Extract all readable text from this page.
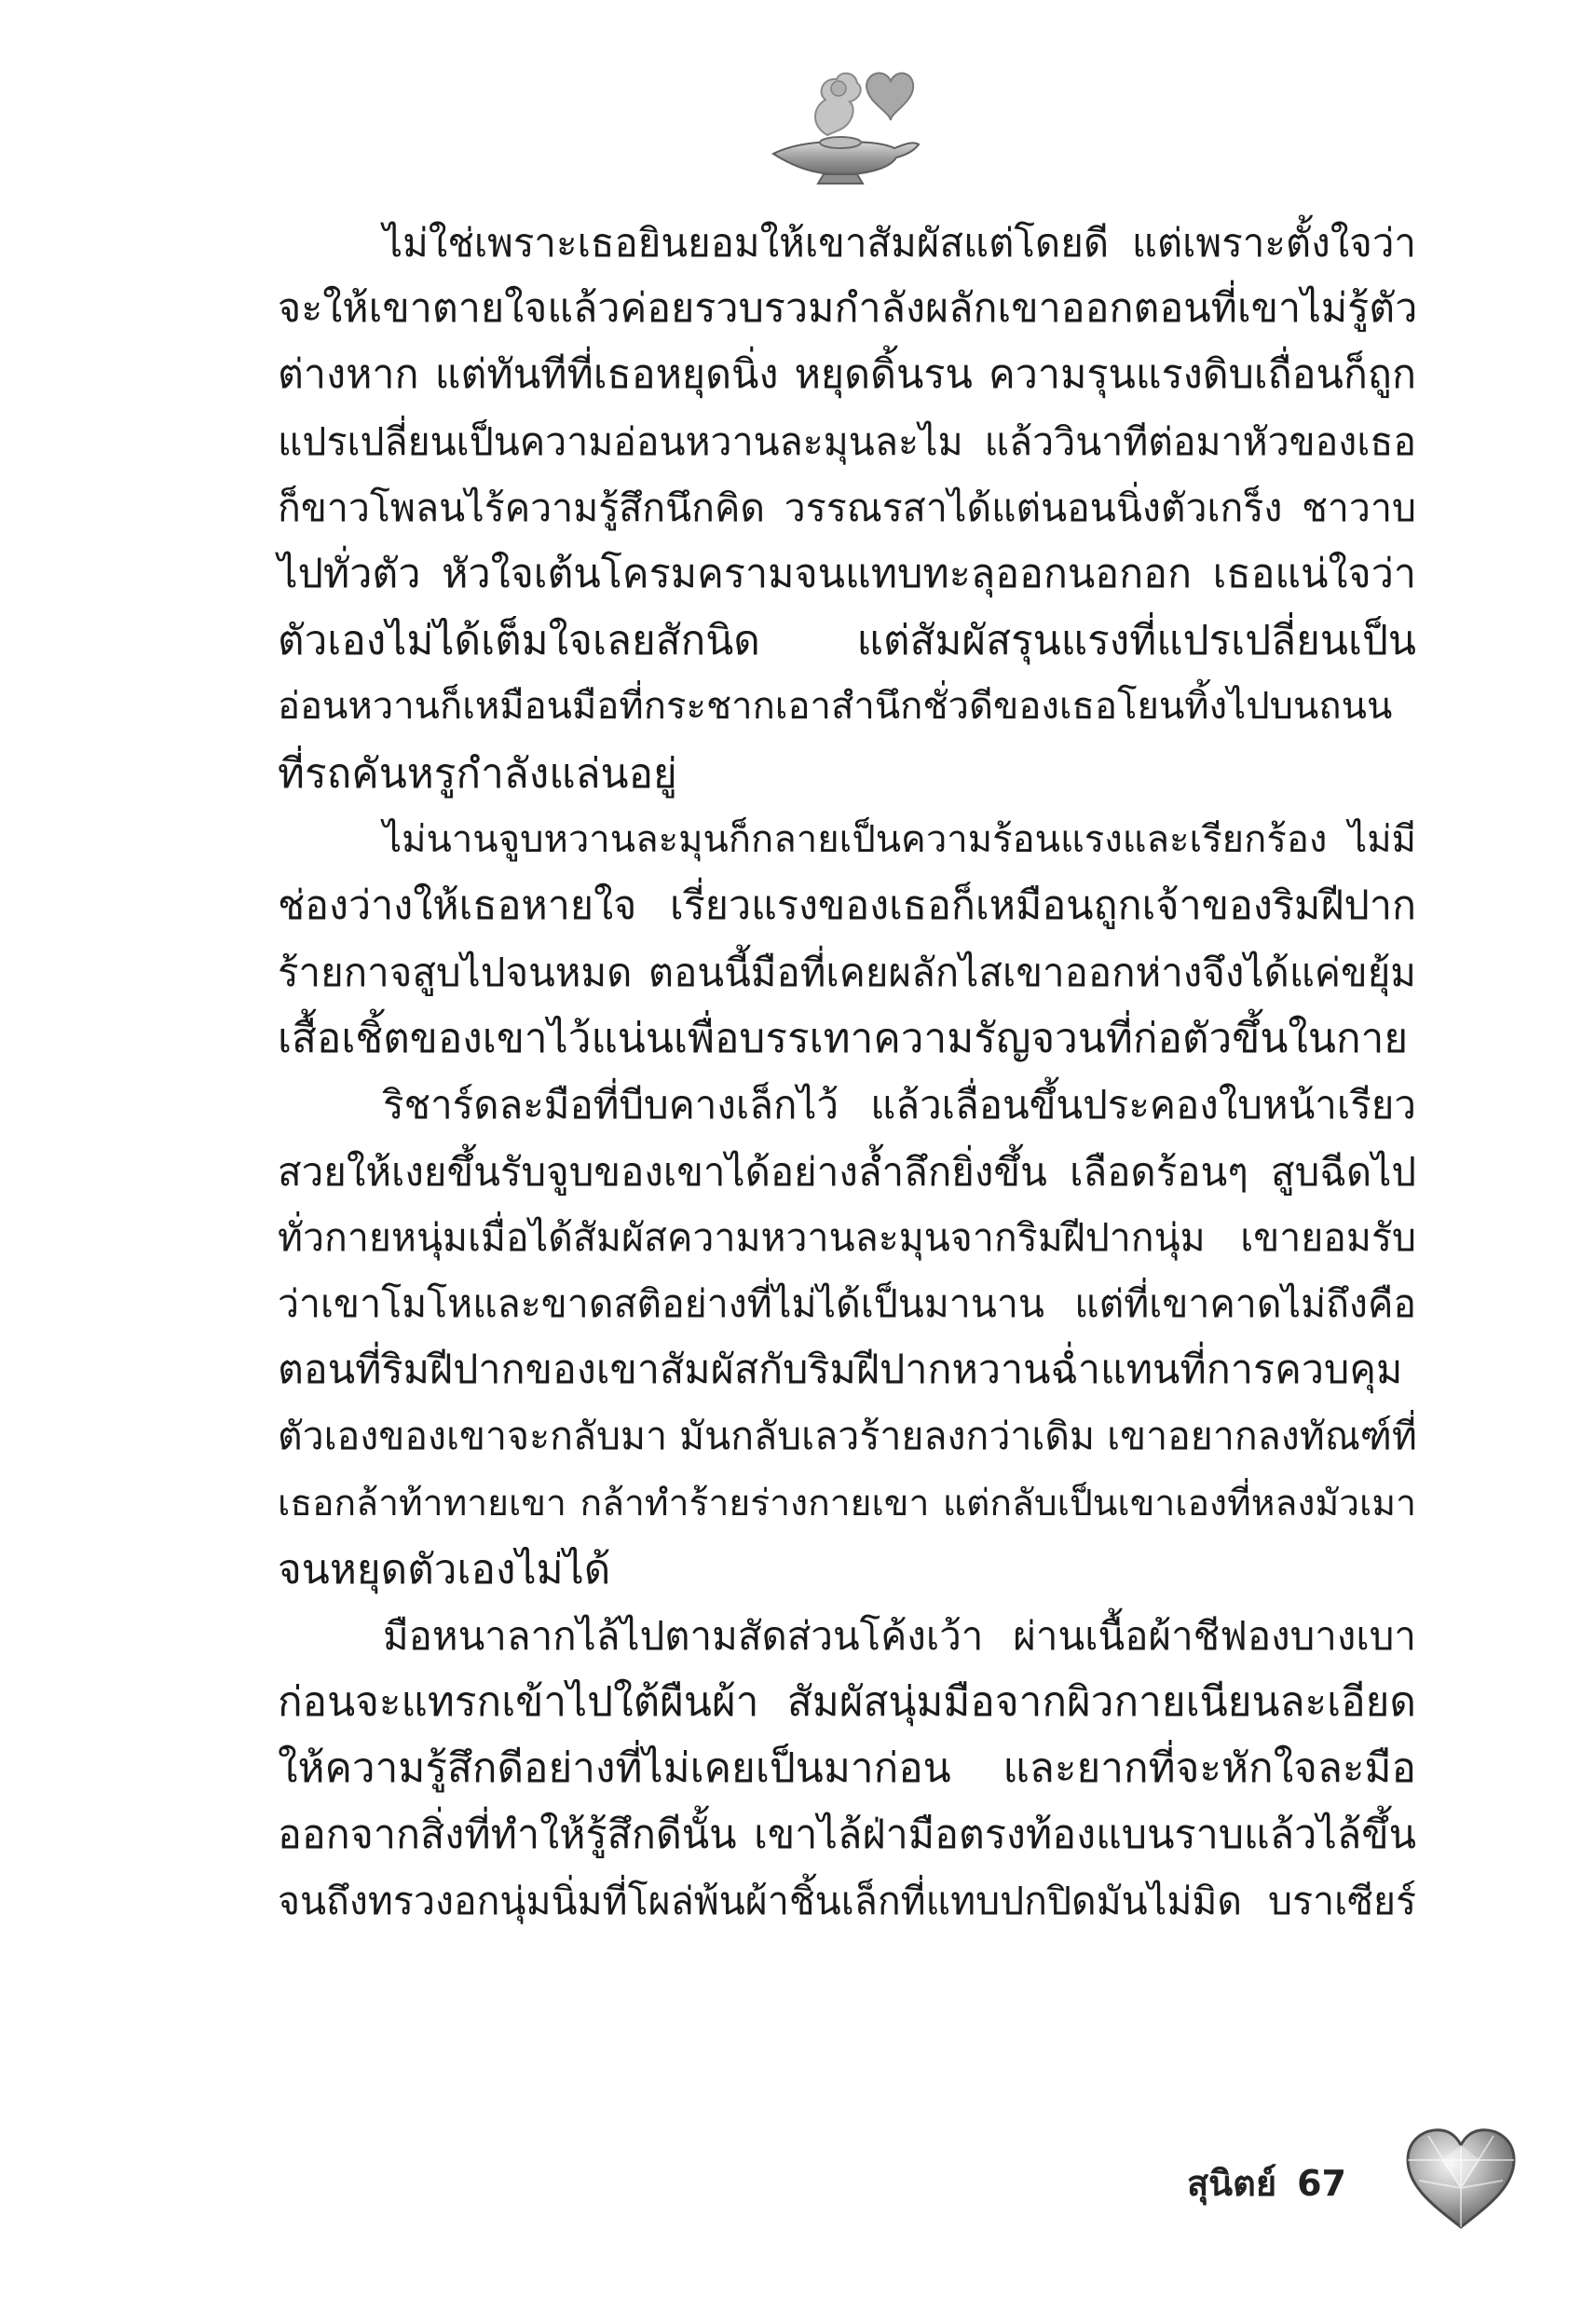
ไม่ใช่เพราะเธอยินยอมให้เขาสัมผัสแต่โดยดี แต่เพราะตั้งใจว่า
จะให้เขาตายใจแล้วค่อยรวบรวมกำลังผลักเขาออกตอนที่เขาไม่รู้ตัว
ต่างหาก แต่ทันทีที่เธอหยุดนิ่ง หยุดดิ้นรน ความรุนแรงดิบเถื่อนก็ถูก
แปรเปลี่ยนเป็นความอ่อนหวานละมุนละไม แล้ววินาทีต่อมาหัวของเธอ
ก็ขาวโพลนไร้ความรู้สึกนึกคิด วรรณรสาได้แต่นอนนิ่งตัวเกร็ง ชาวาบ
ไปทั่วตัว หัวใจเต้นโครมครามจนแทบทะลุออกนอกอก เธอแน่ใจว่า
ตัวเองไม่ได้เต็มใจเลยสักนิด แต่สัมผัสรุนแรงที่แปรเปลี่ยนเป็น
อ่อนหวานก็เหมือนมือที่กระชากเอาสำนึกชั่วดีของเธอโยนทิ้งไปบนถนน
ที่รถคันหรูกำลังแล่นอยู่
ไม่นานจูบหวานละมุนก็กลายเป็นความร้อนแรงและเรียกร้อง ไม่มี
ช่องว่างให้เธอหายใจ เรี่ยวแรงของเธอก็เหมือนถูกเจ้าของริมฝีปาก
ร้ายกาจสูบไปจนหมด ตอนนี้มือที่เคยผลักไสเขาออกห่างจึงได้แค่ขยุ้ม
เสื้อเชิ้ตของเขาไว้แน่นเพื่อบรรเทาความรัญจวนที่ก่อตัวขึ้นในกาย
ริชาร์ดละมือที่บีบคางเล็กไว้ แล้วเลื่อนขึ้นประคองใบหน้าเรียว
สวยให้เงยขึ้นรับจูบของเขาได้อย่างล้ำลึกยิ่งขึ้น เลือดร้อนๆ สูบฉีดไป
ทั่วกายหนุ่มเมื่อได้สัมผัสความหวานละมุนจากริมฝีปากนุ่ม เขายอมรับ
ว่าเขาโมโหและขาดสติอย่างที่ไม่ได้เป็นมานาน แต่ที่เขาคาดไม่ถึงคือ
ตอนที่ริมฝีปากของเขาสัมผัสกับริมฝีปากหวานฉ่ำแทนที่การควบคุม
ตัวเองของเขาจะกลับมา มันกลับเลวร้ายลงกว่าเดิม เขาอยากลงทัณฑ์ที่
เธอกล้าท้าทายเขา กล้าทำร้ายร่างกายเขา แต่กลับเป็นเขาเองที่หลงมัวเมา
จนหยุดตัวเองไม่ได้
มือหนาลากไล้ไปตามสัดส่วนโค้งเว้า ผ่านเนื้อผ้าชีฟองบางเบา
ก่อนจะแทรกเข้าไปใต้ผืนผ้า สัมผัสนุ่มมือจากผิวกายเนียนละเอียด
ให้ความรู้สึกดีอย่างที่ไม่เคยเป็นมาก่อน และยากที่จะหักใจละมือ
ออกจากสิ่งที่ทำให้รู้สึกดีนั้น เขาไล้ฝ่ามือตรงท้องแบนราบแล้วไล้ขึ้น
จนถึงทรวงอกนุ่มนิ่มที่โผล่พ้นผ้าชิ้นเล็กที่แทบปกปิดมันไม่มิด บราเซียร์
สุนิตย์ 67
